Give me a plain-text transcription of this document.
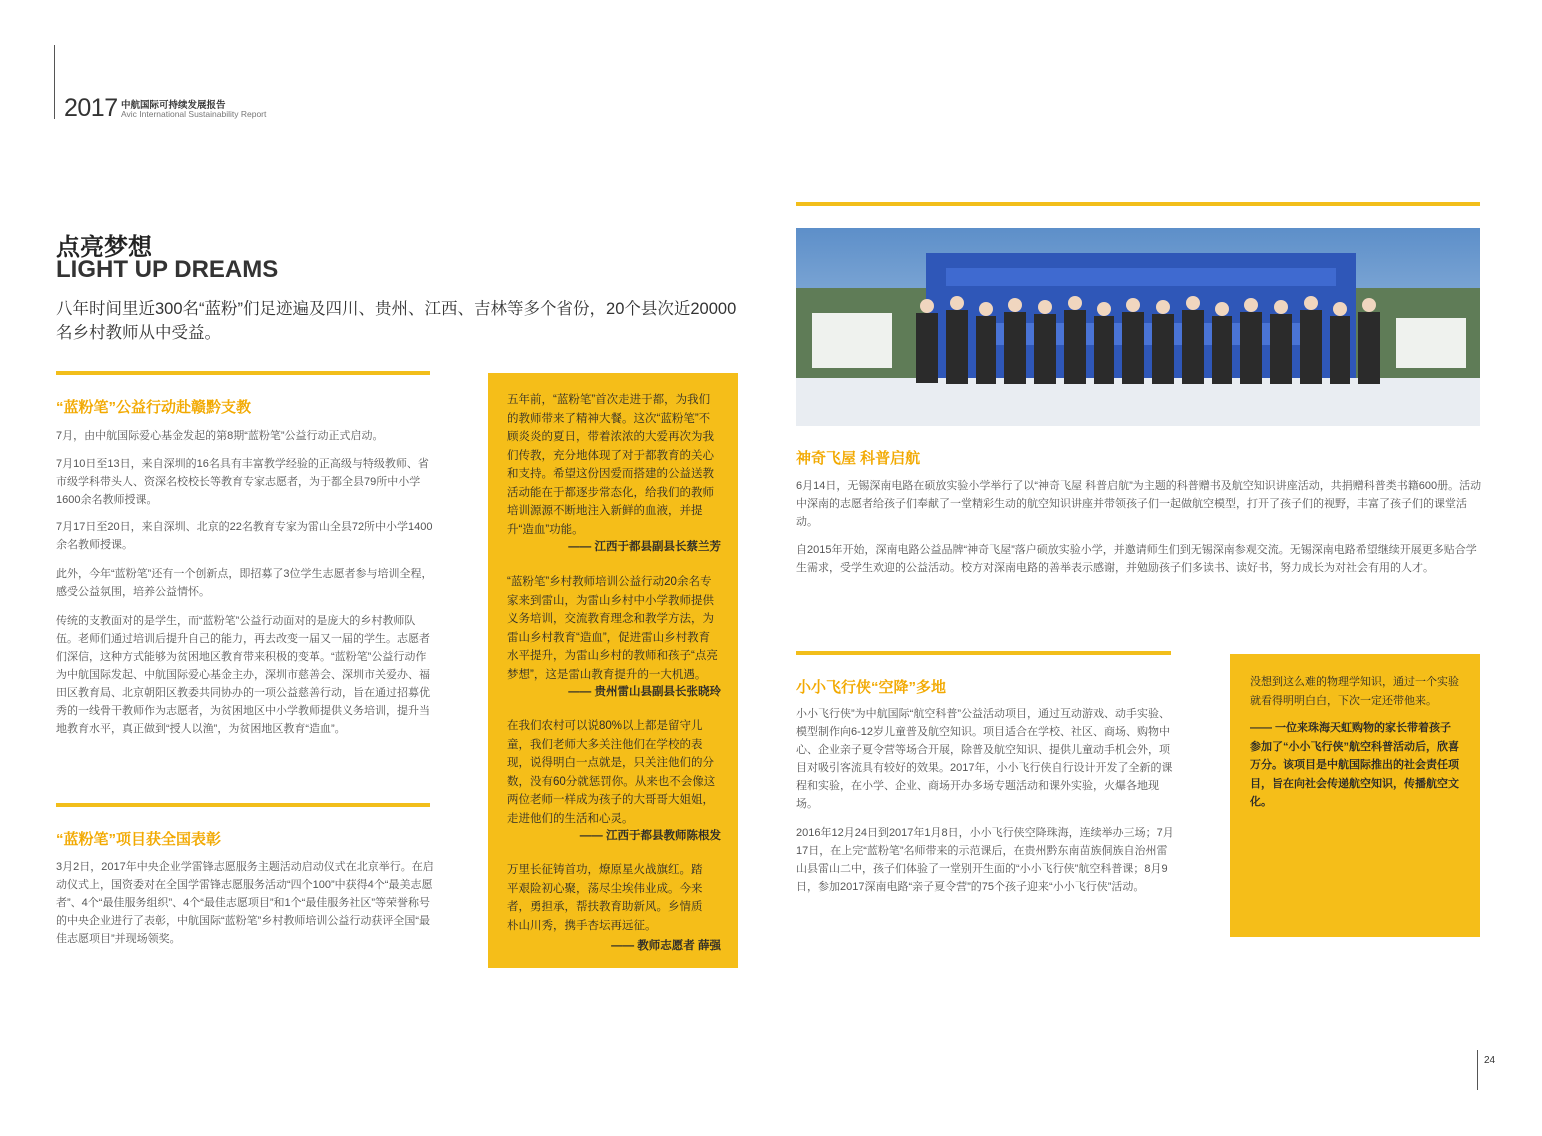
2017 中航国际可持续发展报告
Avic International Sustainability Report
点亮梦想
LIGHT UP DREAMS
八年时间里近300名“蓝粉”们足迹遍及四川、贵州、江西、吉林等多个省份，20个县次近20000名乡村教师从中受益。
“蓝粉笔”公益行动赴赣黔支教

7月，由中航国际爱心基金发起的第8期“蓝粉笔”公益行动正式启动。

7月10日至13日，来自深圳的16名具有丰富教学经验的正高级与特级教师、省市级学科带头人、资深名校校长等教育专家志愿者，为于都全县79所中小学1600余名教师授课。

7月17日至20日，来自深圳、北京的22名教育专家为雷山全县72所中小学1400余名教师授课。

此外，今年“蓝粉笔”还有一个创新点，即招募了3位学生志愿者参与培训全程，感受公益氛围，培养公益情怀。

传统的支教面对的是学生，而“蓝粉笔”公益行动面对的是庞大的乡村教师队伍。老师们通过培训后提升自己的能力，再去改变一届又一届的学生。志愿者们深信，这种方式能够为贫困地区教育带来积极的变革。“蓝粉笔”公益行动作为中航国际发起、中航国际爱心基金主办，深圳市慈善会、深圳市关爱办、福田区教育局、北京朝阳区教委共同协办的一项公益慈善行动，旨在通过招募优秀的一线骨干教师作为志愿者，为贫困地区中小学教师提供义务培训，提升当地教育水平，真正做到“授人以渔”，为贫困地区教育“造血”。

“蓝粉笔”项目获全国表彰

3月2日，2017年中央企业学雷锋志愿服务主题活动启动仪式在北京举行。在启动仪式上，国资委对在全国学雷锋志愿服务活动“四个100”中获得4个“最美志愿者”、4个“最佳服务组织”、4个“最佳志愿项目”和1个“最佳服务社区”等荣誉称号的中央企业进行了表彰，中航国际“蓝粉笔”乡村教师培训公益行动获评全国“最佳志愿项目”并现场领奖。

五年前，“蓝粉笔”首次走进于都，为我们的教师带来了精神大餐。这次“蓝粉笔”不顾炎炎的夏日，带着浓浓的大爱再次为我们传教，充分地体现了对于都教育的关心和支持。希望这份因爱而搭建的公益送教活动能在于都逐步常态化，给我们的教师培训源源不断地注入新鲜的血液，并提升“造血”功能。

—— 江西于都县副县长蔡兰芳

“蓝粉笔”乡村教师培训公益行动20余名专家来到雷山，为雷山乡村中小学教师提供义务培训，交流教育理念和教学方法，为雷山乡村教育“造血”，促进雷山乡村教育水平提升，为雷山乡村的教师和孩子“点亮梦想”，这是雷山教育提升的一大机遇。

—— 贵州雷山县副县长张晓玲

在我们农村可以说80%以上都是留守儿童，我们老师大多关注他们在学校的表现，说得明白一点就是，只关注他们的分数，没有60分就惩罚你。从来也不会像这两位老师一样成为孩子的大哥哥大姐姐，走进他们的生活和心灵。

—— 江西于都县教师陈根发

万里长征铸首功，燎原星火战旗红。踏平艰险初心聚，荡尽尘埃伟业成。今来者，勇担承，帮扶教育助新风。乡情质朴山川秀，携手杏坛再远征。

—— 教师志愿者 薛强
神奇飞屋 科普启航

6月14日，无锡深南电路在硕放实验小学举行了以“神奇飞屋 科普启航”为主题的科普赠书及航空知识讲座活动，共捐赠科普类书籍600册。活动中深南的志愿者给孩子们奉献了一堂精彩生动的航空知识讲座并带领孩子们一起做航空模型，打开了孩子们的视野，丰富了孩子们的课堂活动。

自2015年开始，深南电路公益品牌“神奇飞屋”落户硕放实验小学，并邀请师生们到无锡深南参观交流。无锡深南电路希望继续开展更多贴合学生需求，受学生欢迎的公益活动。校方对深南电路的善举表示感谢，并勉励孩子们多读书、读好书，努力成长为对社会有用的人才。

小小飞行侠“空降”多地

小小飞行侠”为中航国际“航空科普”公益活动项目，通过互动游戏、动手实验、模型制作向6-12岁儿童普及航空知识。项目适合在学校、社区、商场、购物中心、企业亲子夏令营等场合开展，除普及航空知识、提供儿童动手机会外，项目对吸引客流具有较好的效果。2017年，小小飞行侠自行设计开发了全新的课程和实验，在小学、企业、商场开办多场专题活动和课外实验，火爆各地现场。

2016年12月24日到2017年1月8日，小小飞行侠空降珠海，连续举办三场；7月17日，在上完“蓝粉笔”名师带来的示范课后，在贵州黔东南苗族侗族自治州雷山县雷山二中，孩子们体验了一堂别开生面的“小小飞行侠”航空科普课；8月9日，参加2017深南电路“亲子夏令营”的75个孩子迎来“小小飞行侠”活动。

没想到这么难的物理学知识，通过一个实验就看得明明白白，下次一定还带他来。

—— 一位来珠海天虹购物的家长带着孩子参加了“小小飞行侠”航空科普活动后，欣喜万分。该项目是中航国际推出的社会责任项目，旨在向社会传递航空知识，传播航空文化。

24
